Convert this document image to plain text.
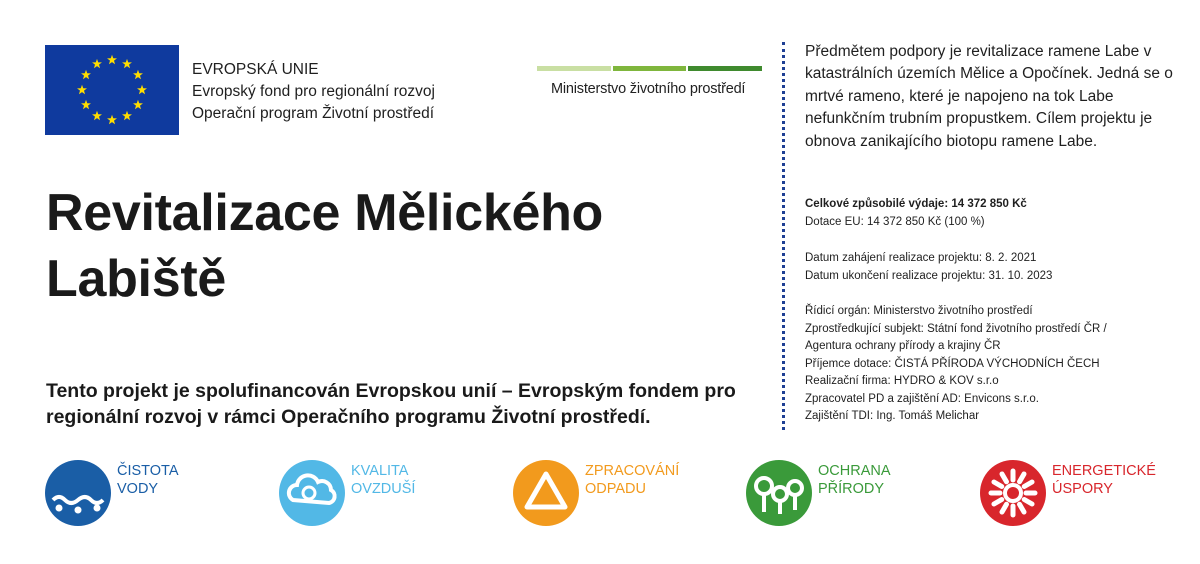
EVROPSKÁ UNIE
Evropský fond pro regionální rozvoj
Operační program Životní prostředí
Ministerstvo životního prostředí
Revitalizace Mělického Labiště

Tento projekt je spolufinancován Evropskou unií – Evropským fondem pro regionální rozvoj v rámci Operačního programu Životní prostředí.

Předmětem podpory je revitalizace ramene Labe v katastrálních územích Mělice a Opočínek. Jedná se o mrtvé rameno, které je napojeno na tok Labe nefunkčním trubním propustkem. Cílem projektu je obnova zanikajícího biotopu ramene Labe.

Celkové způsobilé výdaje: 14 372 850 Kč
Dotace EU: 14 372 850 Kč (100 %)
Datum zahájení realizace projektu: 8. 2. 2021
Datum ukončení realizace projektu: 31. 10. 2023
Řídicí orgán: Ministerstvo životního prostředí
Zprostředkující subjekt: Státní fond životního prostředí ČR / Agentura ochrany přírody a krajiny ČR
Příjemce dotace: ČISTÁ PŘÍRODA VÝCHODNÍCH ČECH
Realizační firma: HYDRO & KOV s.r.o
Zpracovatel PD a zajištění AD: Envicons s.r.o.
Zajištění TDI: Ing. Tomáš Melichar
ČISTOTA
VODY
KVALITA
OVZDUŠÍ
ZPRACOVÁNÍ
ODPADU
OCHRANA
PŘÍRODY
ENERGETICKÉ
ÚSPORY
